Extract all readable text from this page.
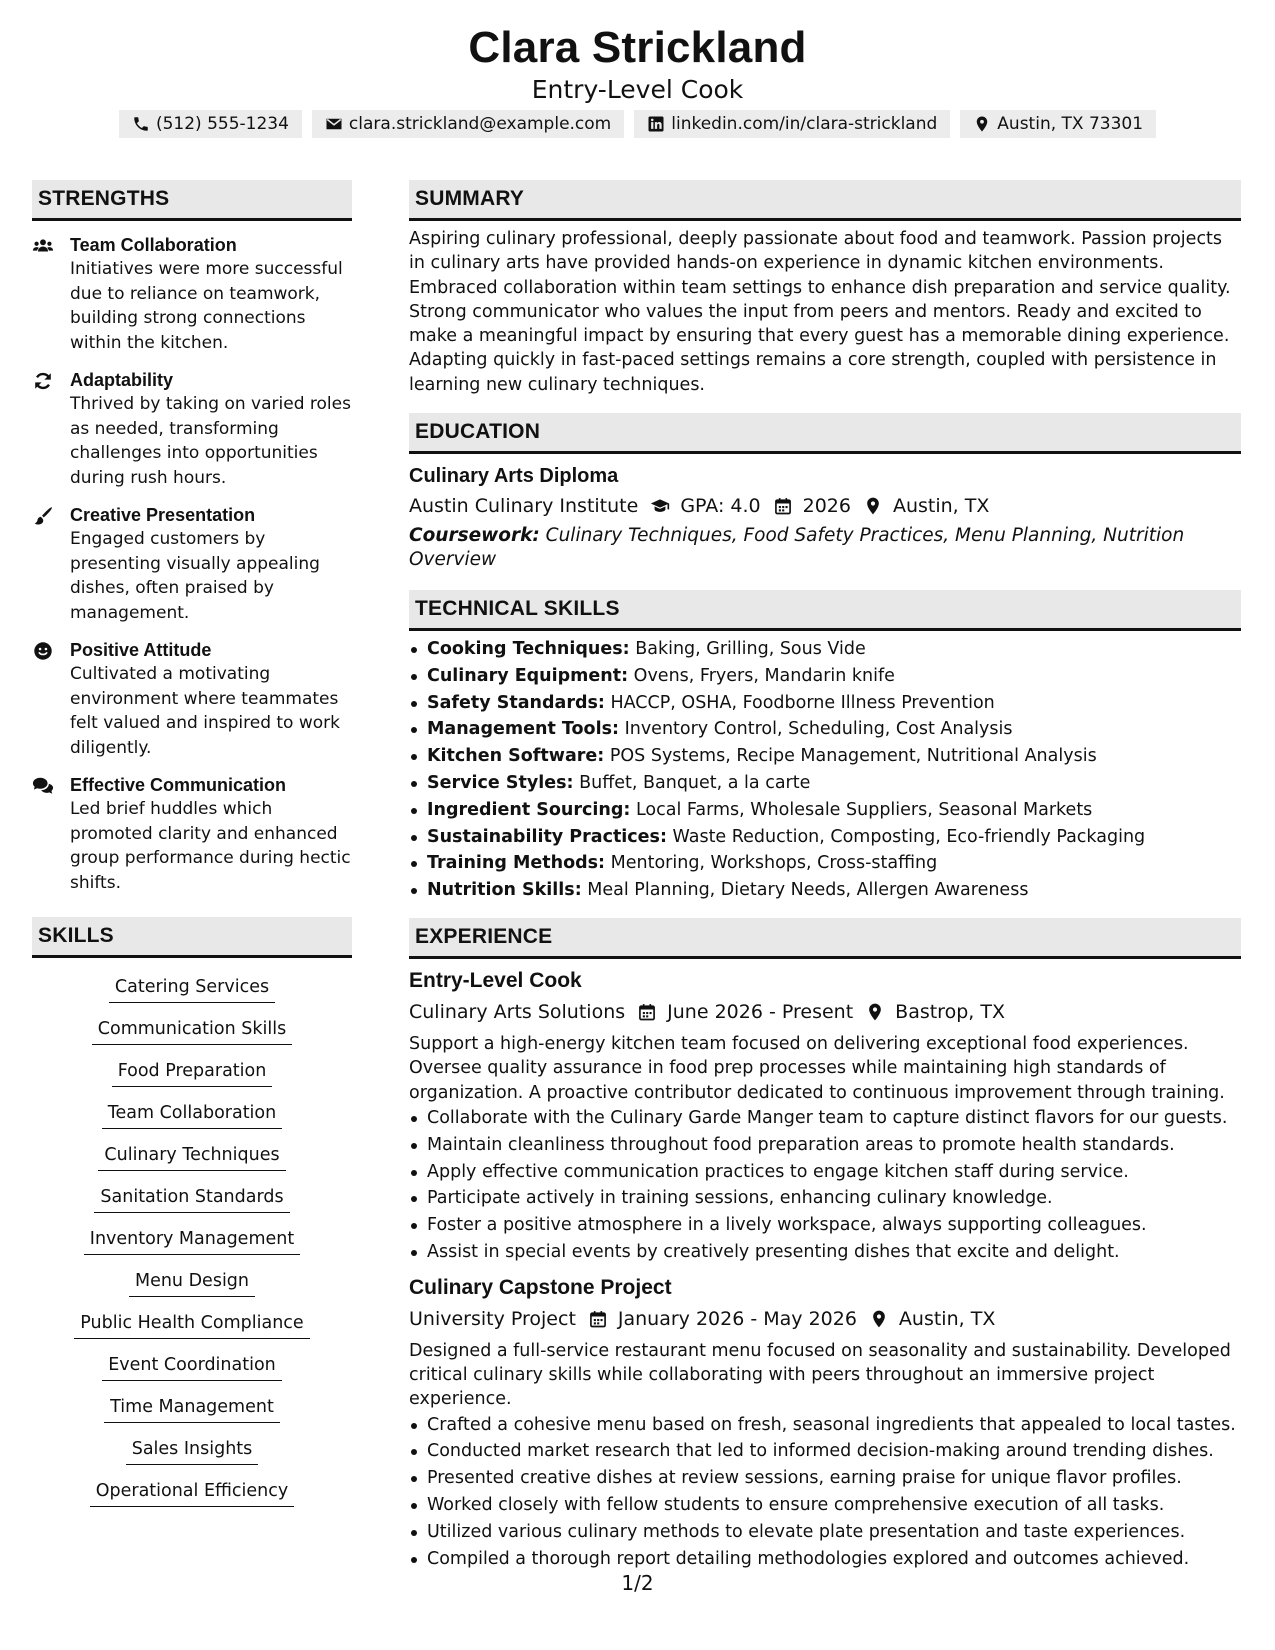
Clara Strickland
Entry-Level Cook
(512) 555-1234	clara.strickland@example.com	linkedin.com/in/clara-strickland	Austin, TX 73301
STRENGTHS
Team Collaboration
Initiatives were more successful due to reliance on teamwork, building strong connections within the kitchen.
Adaptability
Thrived by taking on varied roles as needed, transforming challenges into opportunities during rush hours.
Creative Presentation
Engaged customers by presenting visually appealing dishes, often praised by management.
Positive Attitude
Cultivated a motivating environment where teammates felt valued and inspired to work diligently.
Effective Communication
Led brief huddles which promoted clarity and enhanced group performance during hectic shifts.
SKILLS
Catering Services
Communication Skills
Food Preparation
Team Collaboration
Culinary Techniques
Sanitation Standards
Inventory Management
Menu Design
Public Health Compliance
Event Coordination
Time Management
Sales Insights
Operational Efficiency
SUMMARY
Aspiring culinary professional, deeply passionate about food and teamwork. Passion projects in culinary arts have provided hands-on experience in dynamic kitchen environments. Embraced collaboration within team settings to enhance dish preparation and service quality. Strong communicator who values the input from peers and mentors. Ready and excited to make a meaningful impact by ensuring that every guest has a memorable dining experience. Adapting quickly in fast-paced settings remains a core strength, coupled with persistence in learning new culinary techniques.
EDUCATION
Culinary Arts Diploma
Austin Culinary Institute GPA: 4.0 2026 Austin, TX
Coursework: Culinary Techniques, Food Safety Practices, Menu Planning, Nutrition Overview
TECHNICAL SKILLS
Cooking Techniques: Baking, Grilling, Sous Vide
Culinary Equipment: Ovens, Fryers, Mandarin knife
Safety Standards: HACCP, OSHA, Foodborne Illness Prevention
Management Tools: Inventory Control, Scheduling, Cost Analysis
Kitchen Software: POS Systems, Recipe Management, Nutritional Analysis
Service Styles: Buffet, Banquet, a la carte
Ingredient Sourcing: Local Farms, Wholesale Suppliers, Seasonal Markets
Sustainability Practices: Waste Reduction, Composting, Eco-friendly Packaging
Training Methods: Mentoring, Workshops, Cross-staffing
Nutrition Skills: Meal Planning, Dietary Needs, Allergen Awareness
EXPERIENCE
Entry-Level Cook
Culinary Arts Solutions June 2026 - Present Bastrop, TX
Support a high-energy kitchen team focused on delivering exceptional food experiences. Oversee quality assurance in food prep processes while maintaining high standards of organization. A proactive contributor dedicated to continuous improvement through training.
Collaborate with the Culinary Garde Manger team to capture distinct flavors for our guests.
Maintain cleanliness throughout food preparation areas to promote health standards.
Apply effective communication practices to engage kitchen staff during service.
Participate actively in training sessions, enhancing culinary knowledge.
Foster a positive atmosphere in a lively workspace, always supporting colleagues.
Assist in special events by creatively presenting dishes that excite and delight.
Culinary Capstone Project
University Project January 2026 - May 2026 Austin, TX
Designed a full-service restaurant menu focused on seasonality and sustainability. Developed critical culinary skills while collaborating with peers throughout an immersive project experience.
Crafted a cohesive menu based on fresh, seasonal ingredients that appealed to local tastes.
Conducted market research that led to informed decision-making around trending dishes.
Presented creative dishes at review sessions, earning praise for unique flavor profiles.
Worked closely with fellow students to ensure comprehensive execution of all tasks.
Utilized various culinary methods to elevate plate presentation and taste experiences.
Compiled a thorough report detailing methodologies explored and outcomes achieved.
1/2
